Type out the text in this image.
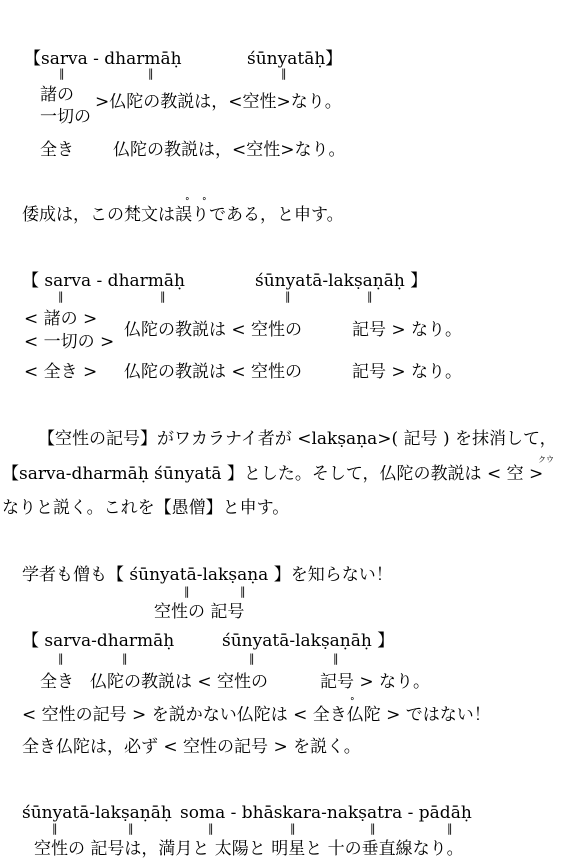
【sarva - dharmāḥ	śūnyatāḥ】
‖	‖	‖
諸の
一切の
>仏陀の教説は，<空性>なり。
全き 仏陀の教説は，<空性>なり。
倭成は，この梵文は誤りである，と申す。
° °
【 sarva - dharmāḥ	śūnyatā-lakṣaṇāḥ 】
‖	‖	‖	‖
< 諸の >
< 一切の >
仏陀の教説は < 空性の	記号 > なり。
< 全き > 仏陀の教説は < 空性の	記号 > なり。
【空性の記号】がワカラナイ者が <lakṣaṇa>( 記号 ) を抹消して，
クウ
【sarva-dharmāḥ śūnyatā 】とした。そして，仏陀の教説は < 空 >
なりと説く。これを【愚僧】と申す。
学者も僧も【 śūnyatā-lakṣaṇa 】を知らない！
‖	‖
空性の 記号
【 sarva-dharmāḥ	śūnyatā-lakṣaṇāḥ 】
‖	‖	‖	‖
全き 仏陀の教説は < 空性の	記号 > なり。
< 空性の記号 > を説かない仏陀は < 全き仏陀 > ではない！
°
全き仏陀は，必ず < 空性の記号 > を説く。
śūnyatā-lakṣaṇāḥ soma - bhāskara-nakṣatra - pādāḥ
‖	‖	‖	‖	‖	‖
空性の 記号は，満月と 太陽と 明星と 十の垂直線なり。
